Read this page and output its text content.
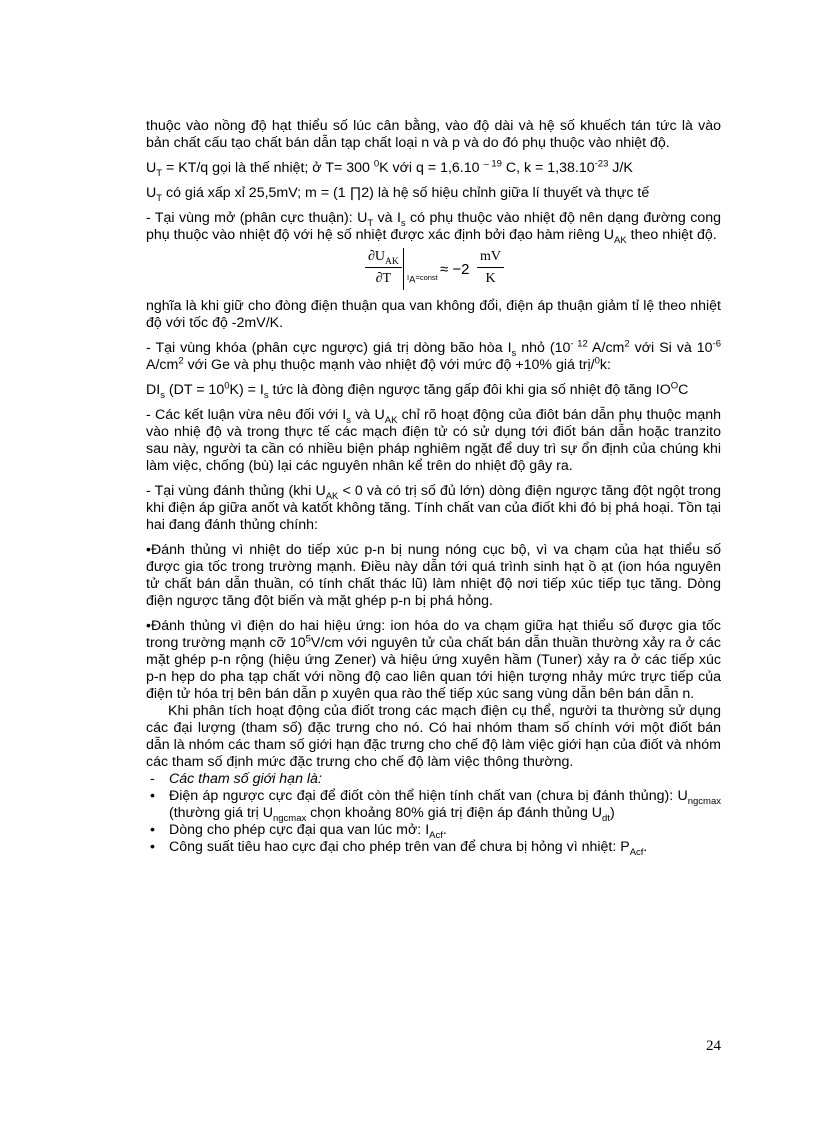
thuộc vào nồng độ hạt thiểu số lúc cân bằng, vào độ dài và hệ số khuếch tán tức là vào bản chất cấu tạo chất bán dẫn tạp chất loại n và p và do đó phụ thuộc vào nhiệt độ.

$U_T = KT/q$ gọi là thế nhiệt; ở T= 300 $^0$K với q = 1,6.10 $^{- 19}$ C, $k = 1,38.10^{-23}$ J/K

$U_T$ có giá xấp xỉ 25,5mV; m = (1 ∏2) là hệ số hiệu chỉnh giữa lí thuyết và thực tế

- Tại vùng mở (phân cực thuận): $U_T$ và $I_s$ có phụ thuộc vào nhiệt độ nên dạng đường cong phụ thuộc vào nhiệt độ với hệ số nhiệt được xác định bởi đạo hàm riêng $U_{AK}$ theo nhiệt độ.

$\partial U_{AK}$
∂T	$I_A=const \approx -2 \frac{mV}{K}$

nghĩa là khi giữ cho đòng điện thuận qua van không đổi, điện áp thuận giảm tỉ lệ theo nhiệt độ với tốc độ -2mV/K.

- Tại vùng khóa (phân cực ngược) giá trị dòng bão hòa $I_s$ nhỏ ($10^{- 12}$ $A/cm^2$ với Si và $10^{-6}$ $A/cm^2$ với Ge và phụ thuộc mạnh vào nhiệt độ với mức độ +10% giá trị/$^0$k:

$DI_s$ $(DT = 10^0K) = I_s$ tức là đòng điện ngược tăng gấp đôi khi gia số nhiệt độ tăng $IO^OC$

- Các kết luận vừa nêu đối với $I_s$ và $U_{AK}$ chỉ rõ hoạt động của điôt bán dẫn phụ thuộc mạnh vào nhiệ độ và trong thực tế các mạch điện tử có sử dụng tới điốt bán dẫn hoặc tranzito sau này, người ta cần có nhiều biện pháp nghiêm ngặt để duy trì sự ổn định của chúng khi làm việc, chống (bù) lại các nguyên nhân kể trên do nhiệt độ gây ra.

- Tại vùng đánh thủng (khi $U_{AK} < 0$ và có trị số đủ lớn) dòng điện ngược tăng đột ngột trong khi điện áp giữa anốt và katốt không tăng. Tính chất van của điốt khi đó bị phá hoại. Tồn tại hai đang đánh thủng chính:

•Đánh thủng vì nhiệt do tiếp xúc p-n bị nung nóng cục bộ, vì va chạm của hạt thiểu số được gia tốc trong trường mạnh. Điều này dẫn tới quá trình sinh hạt ồ ạt (ion hóa nguyên tử chất bán dẫn thuần, có tính chất thác lũ) làm nhiệt độ nơi tiếp xúc tiếp tục tăng. Dòng điện ngược tăng đột biến và mặt ghép p-n bị phá hỏng.

•Đánh thủng vì điện do hai hiệu ứng: ion hóa do va chạm giữa hạt thiểu số được gia tốc trong trường mạnh cỡ $10^5V/cm$ với nguyên tử của chất bán dẫn thuần thường xảy ra ở các mặt ghép p-n rộng (hiệu ứng Zener) và hiệu ứng xuyên hầm (Tuner) xảy ra ở các tiếp xúc p-n hẹp do pha tạp chất với nồng độ cao liên quan tới hiện tượng nhảy mức trực tiếp của điện tử hóa trị bên bán dẫn p xuyên qua rào thế tiếp xúc sang vùng dẫn bên bán dẫn n.

Khi phân tích hoạt động của điốt trong các mạch điện cụ thể, người ta thường sử dụng các đại lượng (tham số) đặc trưng cho nó. Có hai nhóm tham số chính với một điốt bán dẫn là nhóm các tham số giới hạn đặc trưng cho chế độ làm việc giới hạn của điốt và nhóm các tham số định mức đặc trưng cho chế độ làm việc thông thường.

- Các tham số giới hạn là:

• Điện áp ngược cực đại để điốt còn thể hiện tính chất van (chưa bị đánh thủng): $U_{ngcmax}$ (thường giá trị $U_{ngcmax}$ chọn khoảng 80% giá trị điện áp đánh thủng $U_{dt}$)
• Dòng cho phép cực đại qua van lúc mở: $I_{Acf}$.
• Công suất tiêu hao cực đại cho phép trên van để chưa bị hỏng vì nhiệt: $P_{Acf}$.
24
